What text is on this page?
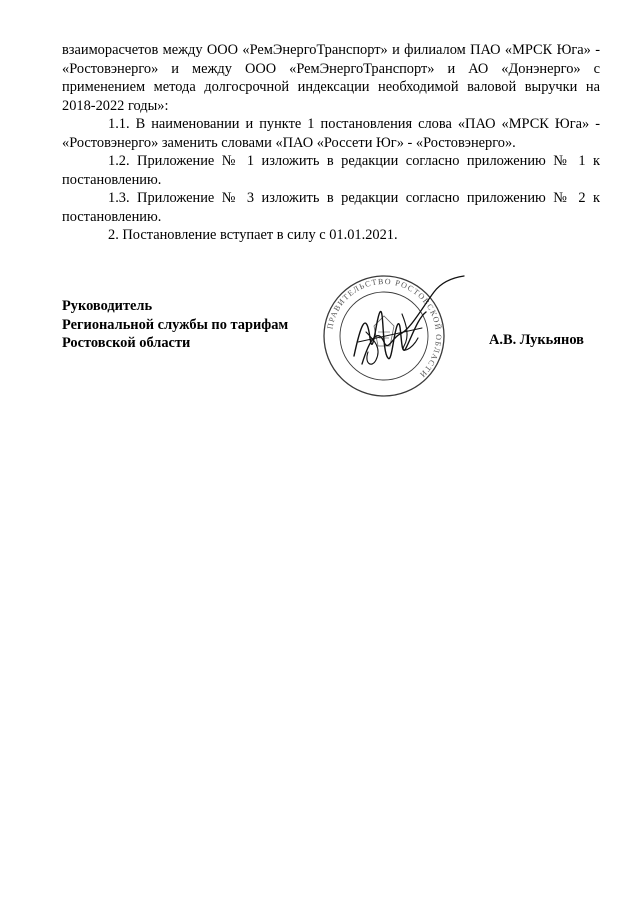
взаиморасчетов между ООО «РемЭнергоТранспорт» и филиалом ПАО «МРСК Юга» - «Ростовэнерго» и между ООО «РемЭнергоТранспорт» и АО «Донэнерго» с применением метода долгосрочной индексации необходимой валовой выручки на 2018-2022 годы»:

1.1. В наименовании и пункте 1 постановления слова «ПАО «МРСК Юга» - «Ростовэнерго» заменить словами «ПАО «Россети Юг» - «Ростовэнерго».

1.2. Приложение № 1 изложить в редакции согласно приложению № 1 к постановлению.

1.3. Приложение № 3 изложить в редакции согласно приложению № 2 к постановлению.

2. Постановление вступает в силу с 01.01.2021.

Руководитель
Региональной службы по тарифам
Ростовской области
ПРАВИТЕЛЬСТВО РОСТОВСКОЙ ОБЛАСТИ
А.В. Лукьянов
